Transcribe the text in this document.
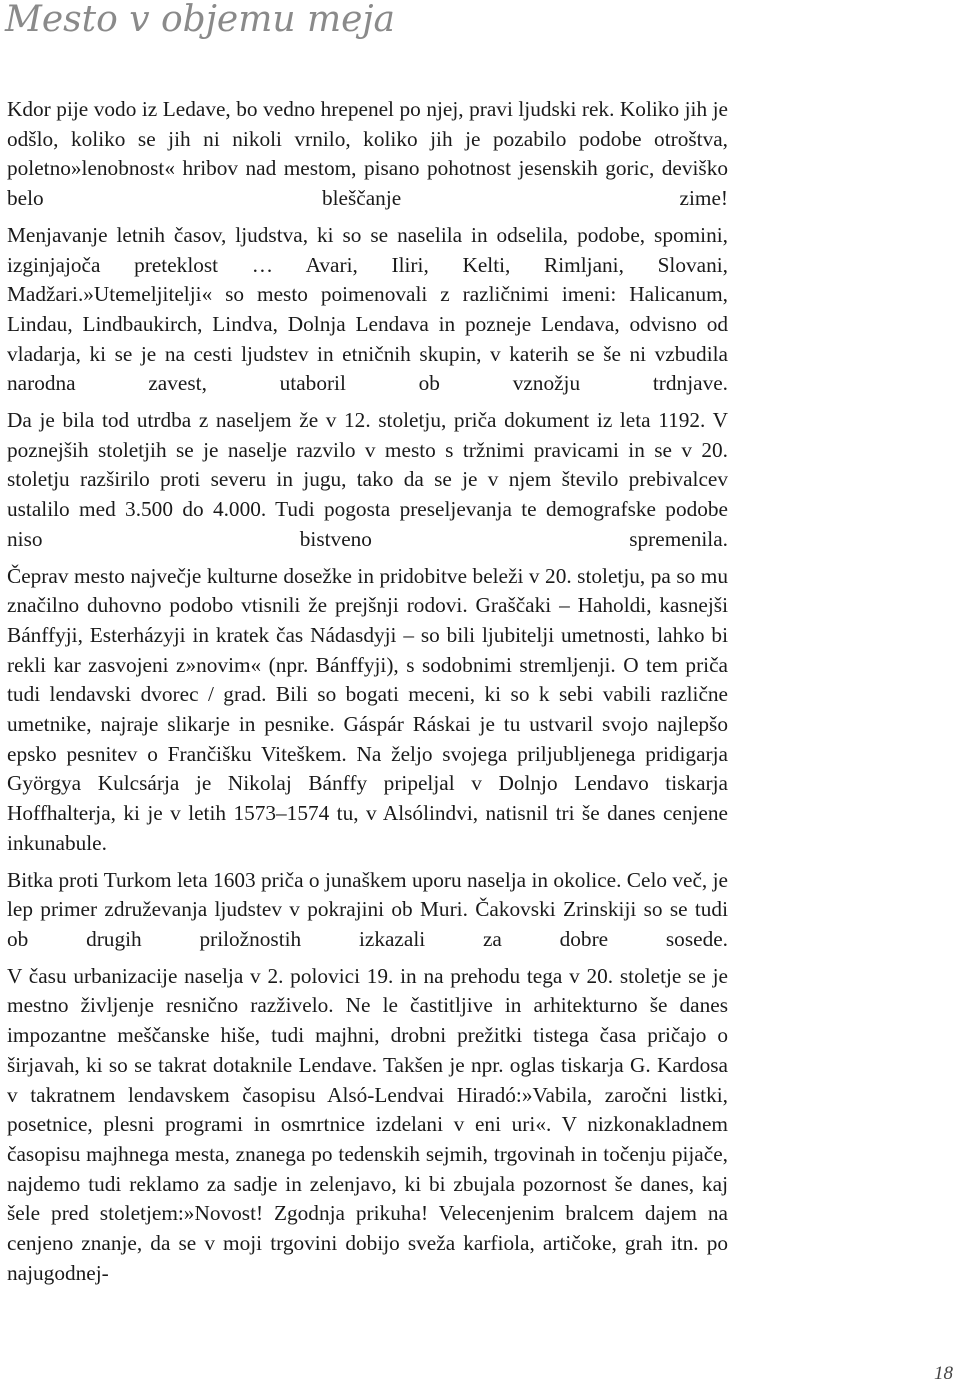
Mesto v objemu meja

Kdor pije vodo iz Ledave, bo vedno hrepenel po njej, pravi ljudski rek. Koliko jih je odšlo, koliko se jih ni nikoli vrnilo, koliko jih je pozabilo podobe otroštva, poletno»lenobnost« hribov nad mestom, pisano pohotnost jesenskih goric, deviško belo bleščanje zime!

Menjavanje letnih časov, ljudstva, ki so se naselila in odselila, podobe, spomini, izginjajoča preteklost … Avari, Iliri, Kelti, Rimljani, Slovani, Madžari.»Utemeljitelji« so mesto poimenovali z različnimi imeni: Halicanum, Lindau, Lindbaukirch, Lindva, Dolnja Lendava in pozneje Lendava, odvisno od vladarja, ki se je na cesti ljudstev in etničnih skupin, v katerih se še ni vzbudila narodna zavest, utaboril ob vznožju trdnjave.

Da je bila tod utrdba z naseljem že v 12. stoletju, priča dokument iz leta 1192. V poznejših stoletjih se je naselje razvilo v mesto s tržnimi pravicami in se v 20. stoletju razširilo proti severu in jugu, tako da se je v njem število prebivalcev ustalilo med 3.500 do 4.000. Tudi pogosta preseljevanja te demografske podobe niso bistveno spremenila.

Čeprav mesto največje kulturne dosežke in pridobitve beleži v 20. stoletju, pa so mu značilno duhovno podobo vtisnili že prejšnji rodovi. Graščaki – Haholdi, kasnejši Bánffyji, Esterházyji in kratek čas Nádasdyji – so bili ljubitelji umetnosti, lahko bi rekli kar zasvojeni z»novim« (npr. Bánffyji), s sodobnimi stremljenji. O tem priča tudi lendavski dvorec / grad. Bili so bogati meceni, ki so k sebi vabili različne umetnike, najraje slikarje in pesnike. Gáspár Ráskai je tu ustvaril svojo najlepšo epsko pesnitev o Frančišku Viteškem. Na željo svojega priljubljenega pridigarja Györgya Kulcsárja je Nikolaj Bánffy pripeljal v Dolnjo Lendavo tiskarja Hoffhalterja, ki je v letih 1573–1574 tu, v Alsólindvi, natisnil tri še danes cenjene inkunabule.

Bitka proti Turkom leta 1603 priča o junaškem uporu naselja in okolice. Celo več, je lep primer združevanja ljudstev v pokrajini ob Muri. Čakovski Zrinskiji so se tudi ob drugih priložnostih izkazali za dobre sosede.

V času urbanizacije naselja v 2. polovici 19. in na prehodu tega v 20. stoletje se je mestno življenje resnično razživelo. Ne le častitljive in arhitekturno še danes impozantne meščanske hiše, tudi majhni, drobni prežitki tistega časa pričajo o širjavah, ki so se takrat dotaknile Lendave. Takšen je npr. oglas tiskarja G. Kardosa v takratnem lendavskem časopisu Alsó-Lendvai Hiradó:»Vabila, zaročni listki, posetnice, plesni programi in osmrtnice izdelani v eni uri«. V nizkonakladnem časopisu majhnega mesta, znanega po tedenskih sejmih, trgovinah in točenju pijače, najdemo tudi reklamo za sadje in zelenjavo, ki bi zbujala pozornost še danes, kaj šele pred stoletjem:»Novost! Zgodnja prikuha! Velecenjenim bralcem dajem na cenjeno znanje, da se v moji trgovini dobijo sveža karfiola, artičoke, grah itn. po najugodnej-

18
